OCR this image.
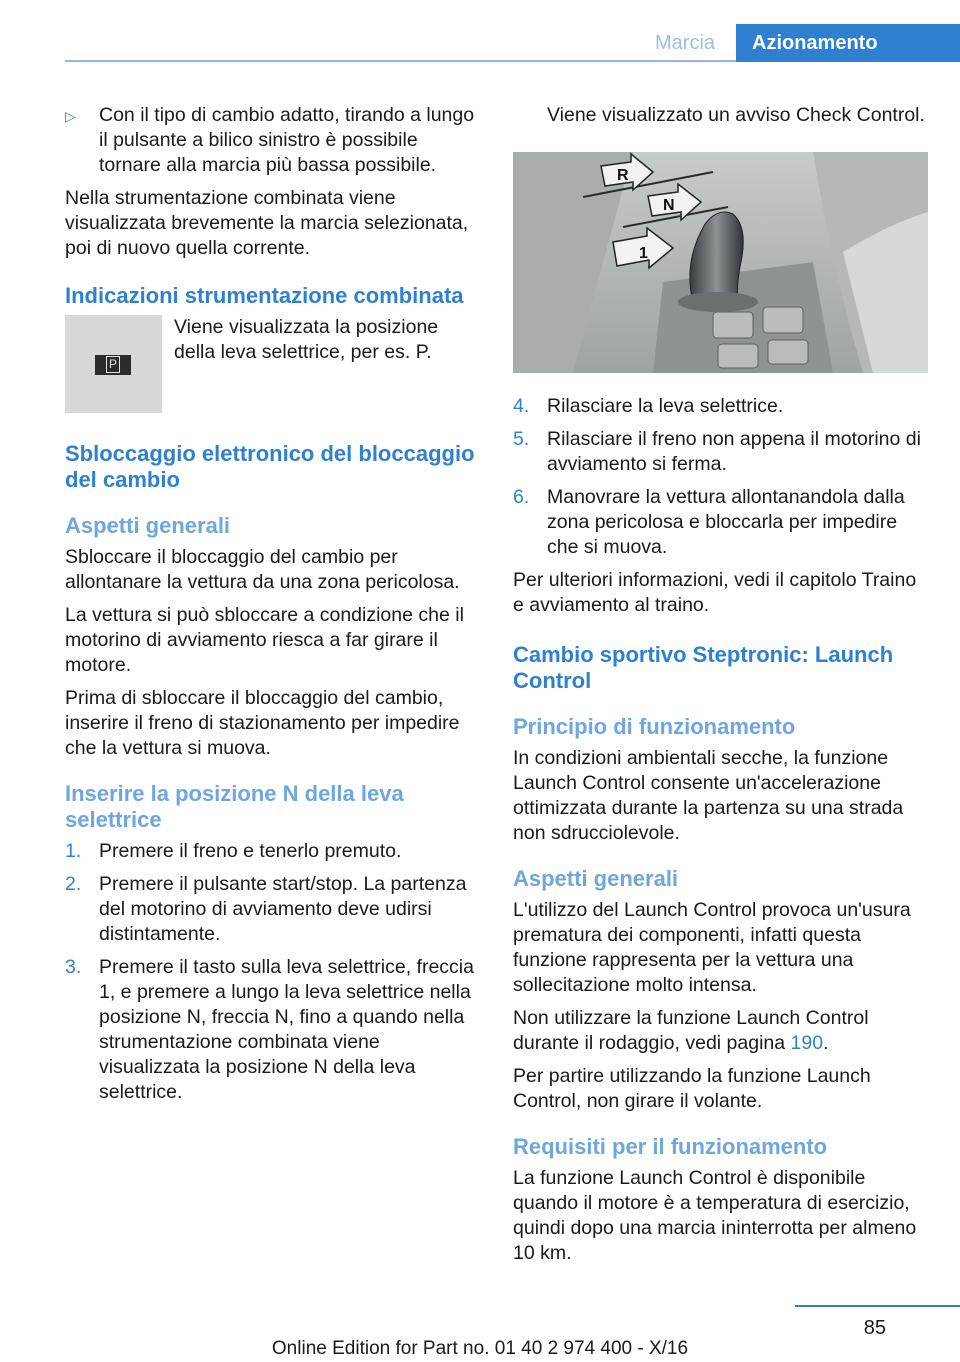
Marcia Azionamento
▷ Con il tipo di cambio adatto, tirando a lungo il pulsante a bilico sinistro è possibile tornare alla marcia più bassa possibile.

Nella strumentazione combinata viene visualizzata brevemente la marcia selezionata, poi di nuovo quella corrente.

Indicazioni strumentazione combinata
P
Viene visualizzata la posizione della leva selettrice, per es. P.
Sbloccaggio elettronico del bloccaggio del cambio
Aspetti generali

Sbloccare il bloccaggio del cambio per allontanare la vettura da una zona pericolosa.

La vettura si può sbloccare a condizione che il motorino di avviamento riesca a far girare il motore.

Prima di sbloccare il bloccaggio del cambio, inserire il freno di stazionamento per impedire che la vettura si muova.

Inserire la posizione N della leva selettrice
1. Premere il freno e tenerlo premuto.
2. Premere il pulsante start/stop. La partenza del motorino di avviamento deve udirsi distintamente.
3. Premere il tasto sulla leva selettrice, freccia 1, e premere a lungo la leva selettrice nella posizione N, freccia N, fino a quando nella strumentazione combinata viene visualizzata la posizione N della leva selettrice.

Viene visualizzato un avviso Check Control.

R
N
1
4. Rilasciare la leva selettrice.
5. Rilasciare il freno non appena il motorino di avviamento si ferma.
6. Manovrare la vettura allontanandola dalla zona pericolosa e bloccarla per impedire che si muova.

Per ulteriori informazioni, vedi il capitolo Traino e avviamento al traino.

Cambio sportivo Steptronic: Launch Control
Principio di funzionamento

In condizioni ambientali secche, la funzione Launch Control consente un'accelerazione ottimizzata durante la partenza su una strada non sdrucciolevole.

Aspetti generali

L'utilizzo del Launch Control provoca un'usura prematura dei componenti, infatti questa funzione rappresenta per la vettura una sollecitazione molto intensa.

Non utilizzare la funzione Launch Control durante il rodaggio, vedi pagina 190.

Per partire utilizzando la funzione Launch Control, non girare il volante.

Requisiti per il funzionamento

La funzione Launch Control è disponibile quando il motore è a temperatura di esercizio, quindi dopo una marcia ininterrotta per almeno 10 km.

85
Online Edition for Part no. 01 40 2 974 400 - X/16
